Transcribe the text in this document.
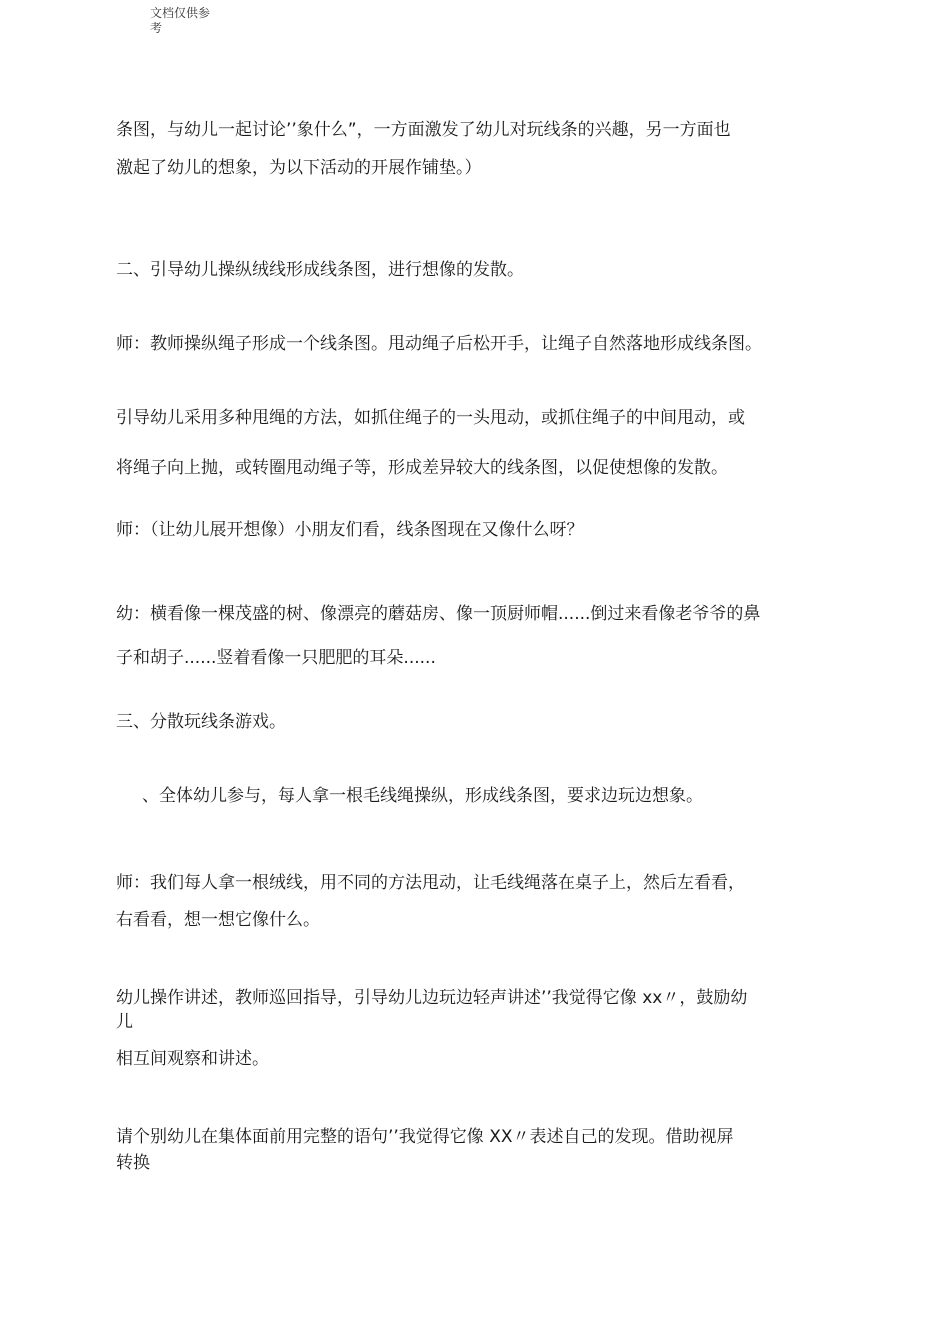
文档仅供参
考
条图，与幼儿一起讨论’’象什么”，一方面激发了幼儿对玩线条的兴趣，另一方面也
激起了幼儿的想象，为以下活动的开展作铺垫。）
二、引导幼儿操纵绒线形成线条图，进行想像的发散。
师：教师操纵绳子形成一个线条图。甩动绳子后松开手，让绳子自然落地形成线条图。
引导幼儿采用多种甩绳的方法，如抓住绳子的一头甩动，或抓住绳子的中间甩动，或
将绳子向上抛，或转圈甩动绳子等，形成差异较大的线条图，以促使想像的发散。
师：（让幼儿展开想像）小朋友们看，线条图现在又像什么呀？
幼：横看像一棵茂盛的树、像漂亮的蘑菇房、像一顶厨师帽......倒过来看像老爷爷的鼻
子和胡子......竖着看像一只肥肥的耳朵......
三、分散玩线条游戏。
、全体幼儿参与，每人拿一根毛线绳操纵，形成线条图，要求边玩边想象。
师：我们每人拿一根绒线，用不同的方法甩动，让毛线绳落在桌子上，然后左看看，
右看看，想一想它像什么。
幼儿操作讲述，教师巡回指导，引导幼儿边玩边轻声讲述’’我觉得它像 xx〃，鼓励幼
儿
相互间观察和讲述。
请个别幼儿在集体面前用完整的语句’’我觉得它像 XX〃表述自己的发现。借助视屏
转换
